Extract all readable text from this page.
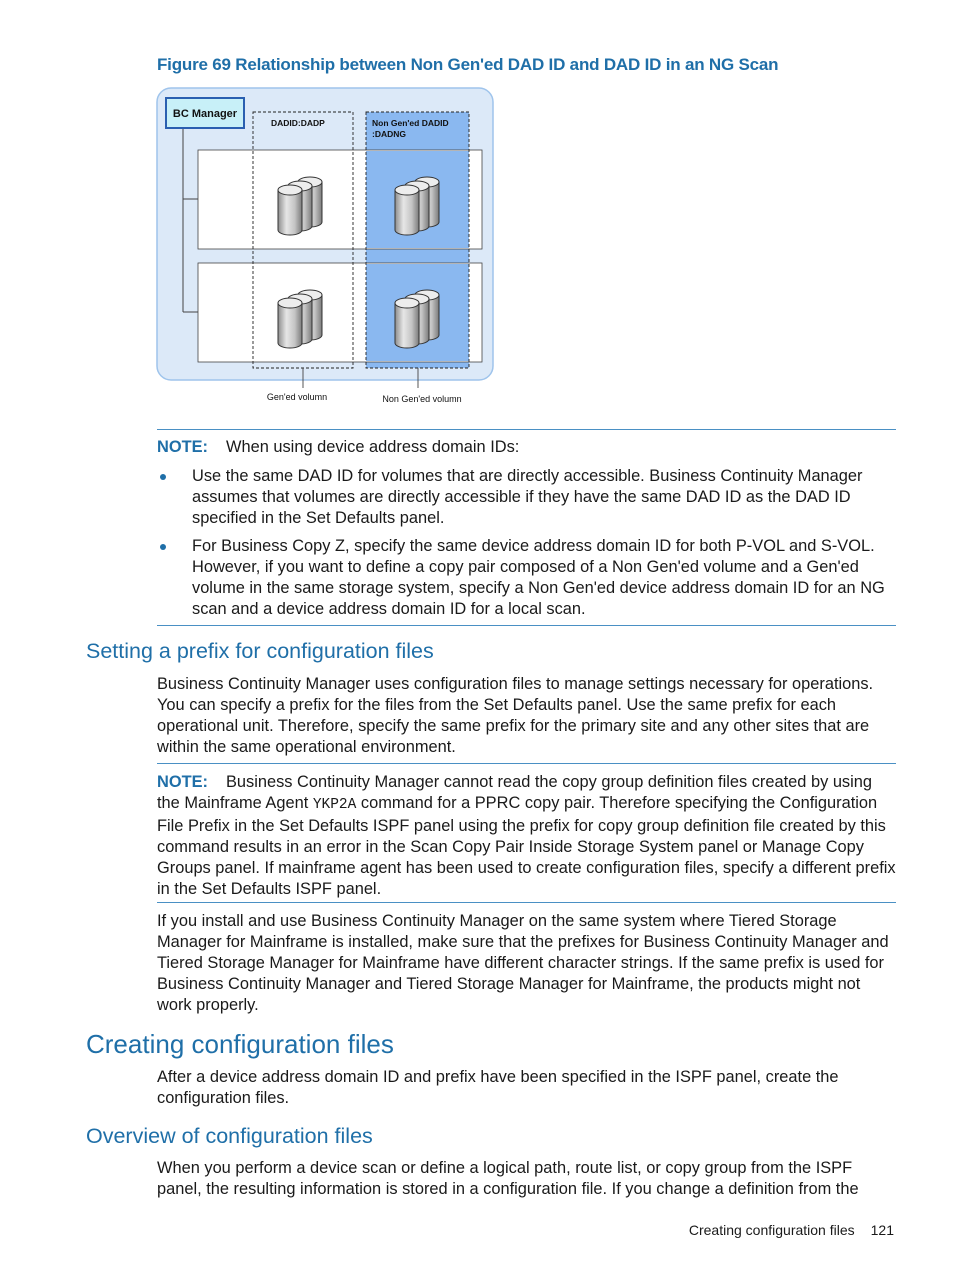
Figure 69 Relationship between Non Gen'ed DAD ID and DAD ID in an NG Scan
BC Manager
DADID:DADP	Non Gen'ed DADID
:DADNG
Gen'ed volumn	Non Gen'ed volumn
NOTE: When using device address domain IDs:
Use the same DAD ID for volumes that are directly accessible. Business Continuity Manager assumes that volumes are directly accessible if they have the same DAD ID as the DAD ID specified in the Set Defaults panel.
For Business Copy Z, specify the same device address domain ID for both P-VOL and S-VOL. However, if you want to define a copy pair composed of a Non Gen'ed volume and a Gen'ed volume in the same storage system, specify a Non Gen'ed device address domain ID for an NG scan and a device address domain ID for a local scan.
Setting a prefix for configuration files
Business Continuity Manager uses configuration files to manage settings necessary for operations. You can specify a prefix for the files from the Set Defaults panel. Use the same prefix for each operational unit. Therefore, specify the same prefix for the primary site and any other sites that are within the same operational environment.
NOTE: Business Continuity Manager cannot read the copy group definition files created by using the Mainframe Agent YKP2A command for a PPRC copy pair. Therefore specifying the Configuration File Prefix in the Set Defaults ISPF panel using the prefix for copy group definition file created by this command results in an error in the Scan Copy Pair Inside Storage System panel or Manage Copy Groups panel. If mainframe agent has been used to create configuration files, specify a different prefix in the Set Defaults ISPF panel.
If you install and use Business Continuity Manager on the same system where Tiered Storage Manager for Mainframe is installed, make sure that the prefixes for Business Continuity Manager and Tiered Storage Manager for Mainframe have different character strings. If the same prefix is used for Business Continuity Manager and Tiered Storage Manager for Mainframe, the products might not work properly.
Creating configuration files
After a device address domain ID and prefix have been specified in the ISPF panel, create the configuration files.
Overview of configuration files
When you perform a device scan or define a logical path, route list, or copy group from the ISPF panel, the resulting information is stored in a configuration file. If you change a definition from the
Creating configuration files 121
